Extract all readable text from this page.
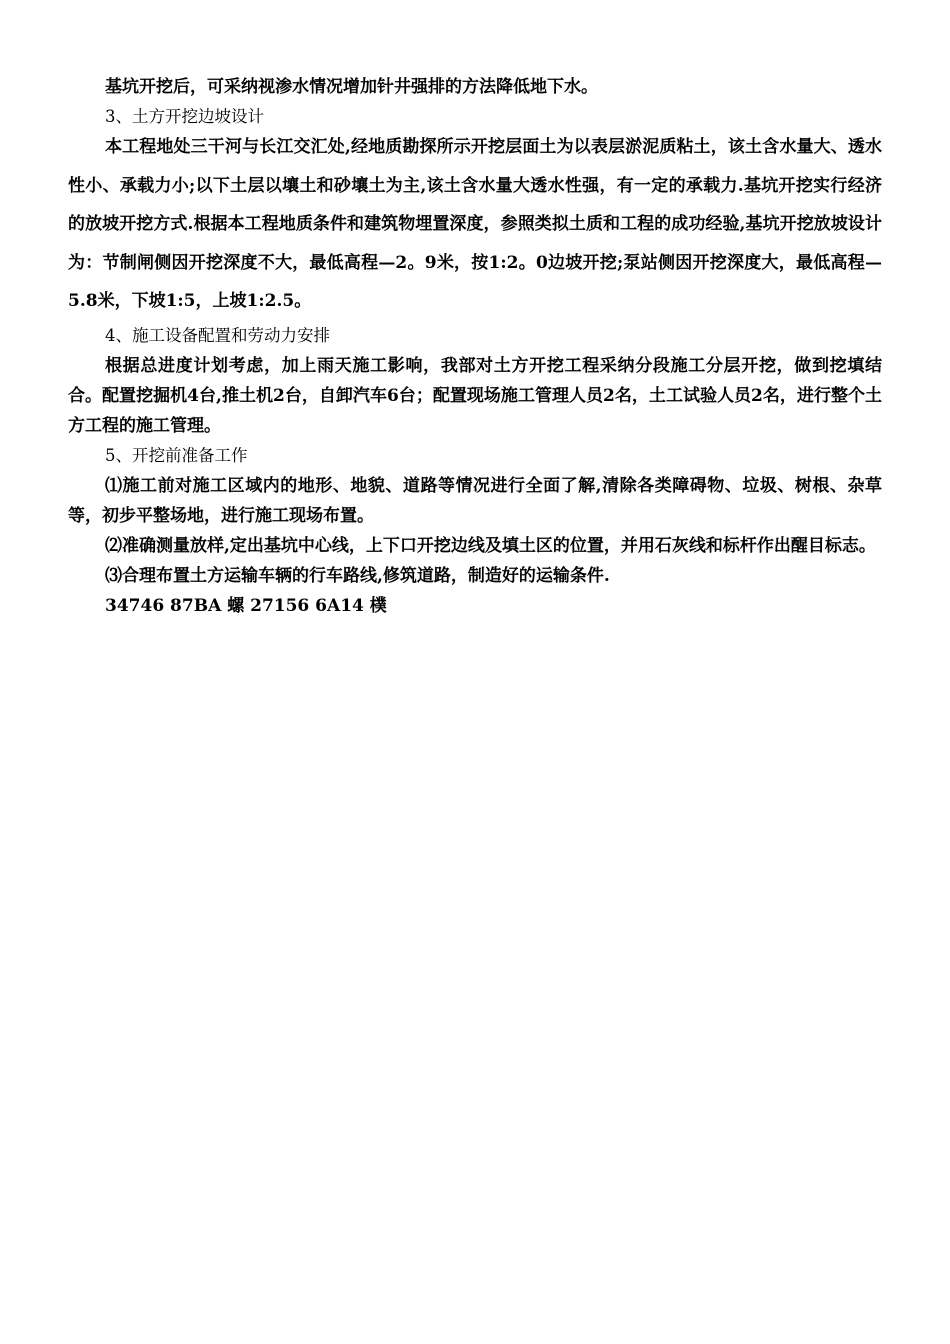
基坑开挖后，可采纳视渗水情况增加针井强排的方法降低地下水。

3、土方开挖边坡设计

本工程地处三干河与长江交汇处,经地质勘探所示开挖层面土为以表层淤泥质粘土，该土含水量大、透水性小、承载力小;以下土层以壤土和砂壤土为主,该土含水量大透水性强，有一定的承载力.基坑开挖实行经济的放坡开挖方式.根据本工程地质条件和建筑物埋置深度，参照类拟土质和工程的成功经验,基坑开挖放坡设计为：节制闸侧因开挖深度不大，最低高程—2。9米，按1:2。0边坡开挖;泵站侧因开挖深度大，最低高程—5.8米，下坡1:5，上坡1:2.5。

4、施工设备配置和劳动力安排

根据总进度计划考虑，加上雨天施工影响，我部对土方开挖工程采纳分段施工分层开挖，做到挖填结合。配置挖掘机4台,推土机2台，自卸汽车6台；配置现场施工管理人员2名，土工试验人员2名，进行整个土方工程的施工管理。

5、开挖前准备工作

⑴施工前对施工区域内的地形、地貌、道路等情况进行全面了解,清除各类障碍物、垃圾、树根、杂草等，初步平整场地，进行施工现场布置。

⑵准确测量放样,定出基坑中心线，上下口开挖边线及填土区的位置，并用石灰线和标杆作出醒目标志。

⑶合理布置土方运输车辆的行车路线,修筑道路，制造好的运输条件.

34746 87BA 螺 27156 6A14 樸
